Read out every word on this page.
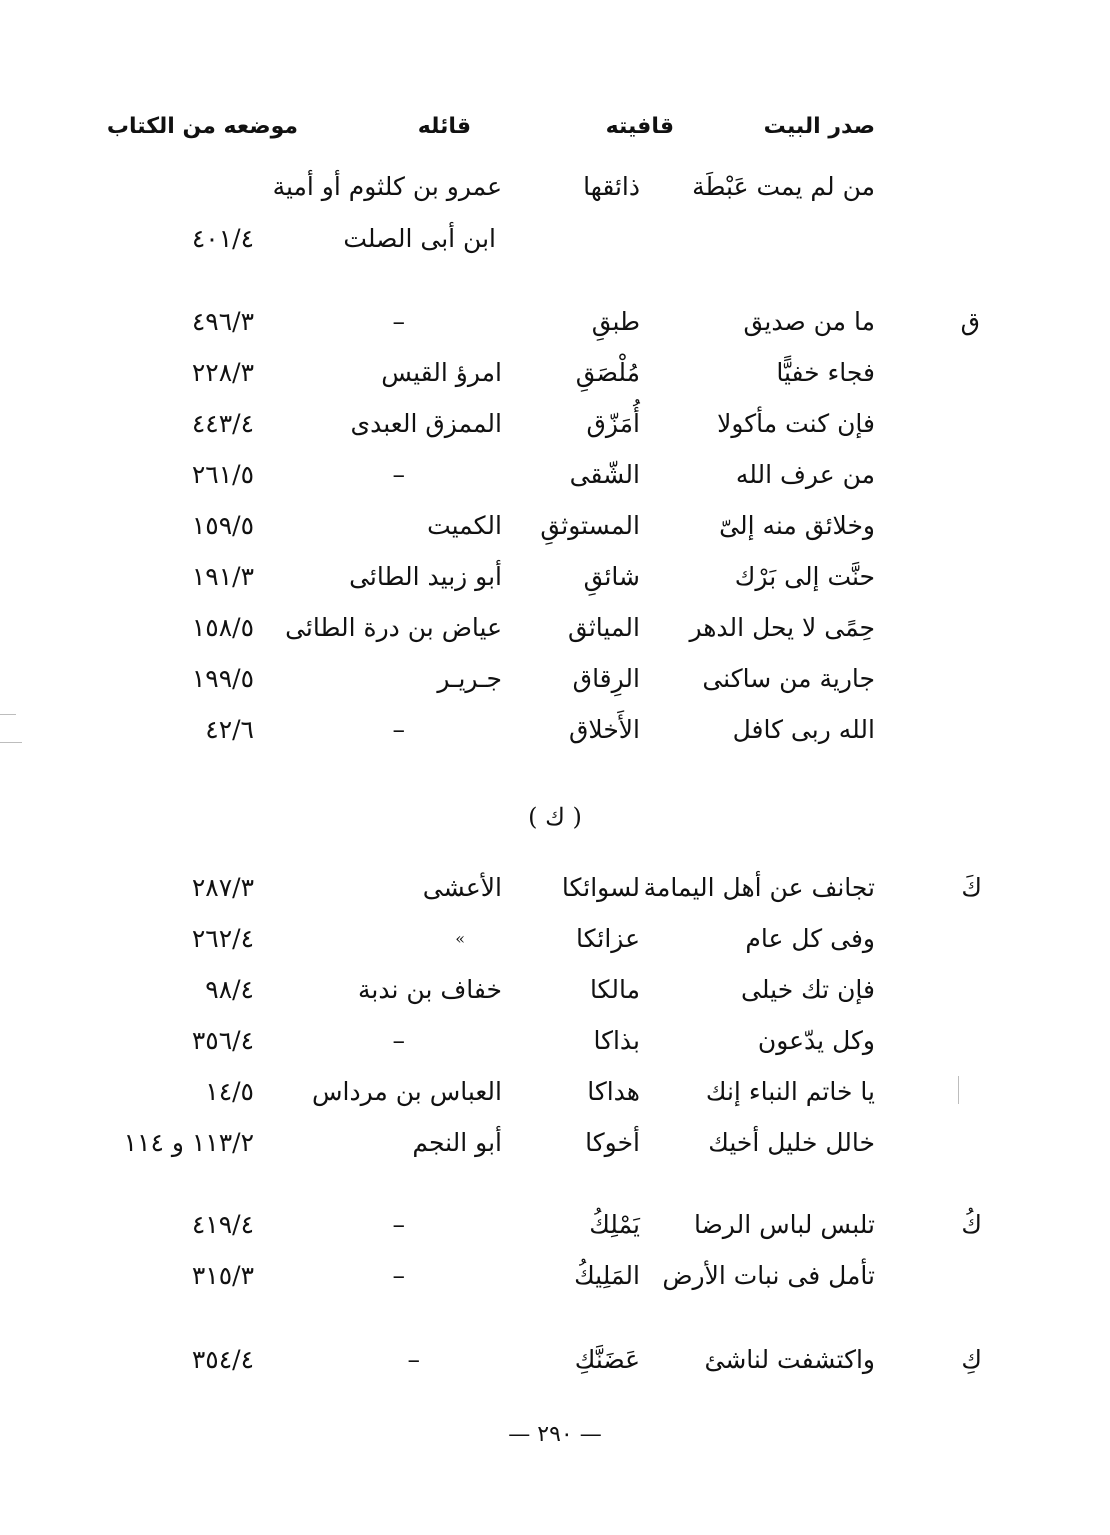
صدر البيت
قافيته
قائله
موضعه من الكتاب
من لم يمت عَبْطَة
ذائقها
عمرو بن كلثوم أو أمية
ابن أبى الصلت
٤٠١/٤
ق
ما من صديق
طبقِ
–
٤٩٦/٣
فجاء خفيًّا
مُلْصَقِ
امرؤ القيس
٢٢٨/٣
فإن كنت مأكولا
أُمَزّق
الممزق العبدى
٤٤٣/٤
من عرف الله
الشّقى
–
٢٦١/٥
وخلائق منه إلىّ
المستوثقِ
الكميت
١٥٩/٥
حنَّت إلى بَرْك
شائقِ
أبو زبيد الطائى
١٩١/٣
حِمًى لا يحل الدهر
المياثق
عياض بن درة الطائى
١٥٨/٥
جارية من ساكنى
الرِقاق
جـريـر
١٩٩/٥
الله ربى كافل
الأَخلاق
–
٤٢/٦
( ك )
كَ
تجانف عن أهل اليمامة
لسوائكا
الأعشى
٢٨٧/٣
وفى كل عام
عزائكا
»
٢٦٢/٤
فإن تك خيلى
مالكا
خفاف بن ندبة
٩٨/٤
وكل يدّعون
بذاكا
–
٣٥٦/٤
يا خاتم النباء إنك
هداكا
العباس بن مرداس
١٤/٥
خالل خليل أخيك
أخوكا
أبو النجم
١١٣/٢ و ١١٤
كُ
تلبس لباس الرضا
يَمْلِكُ
–
٤١٩/٤
تأمل فى نبات الأرض
المَلِيكُ
–
٣١٥/٣
كِ
واكتشفت لناشئ
عَضَنَّكِ
–
٣٥٤/٤
— ٢٩٠ —
